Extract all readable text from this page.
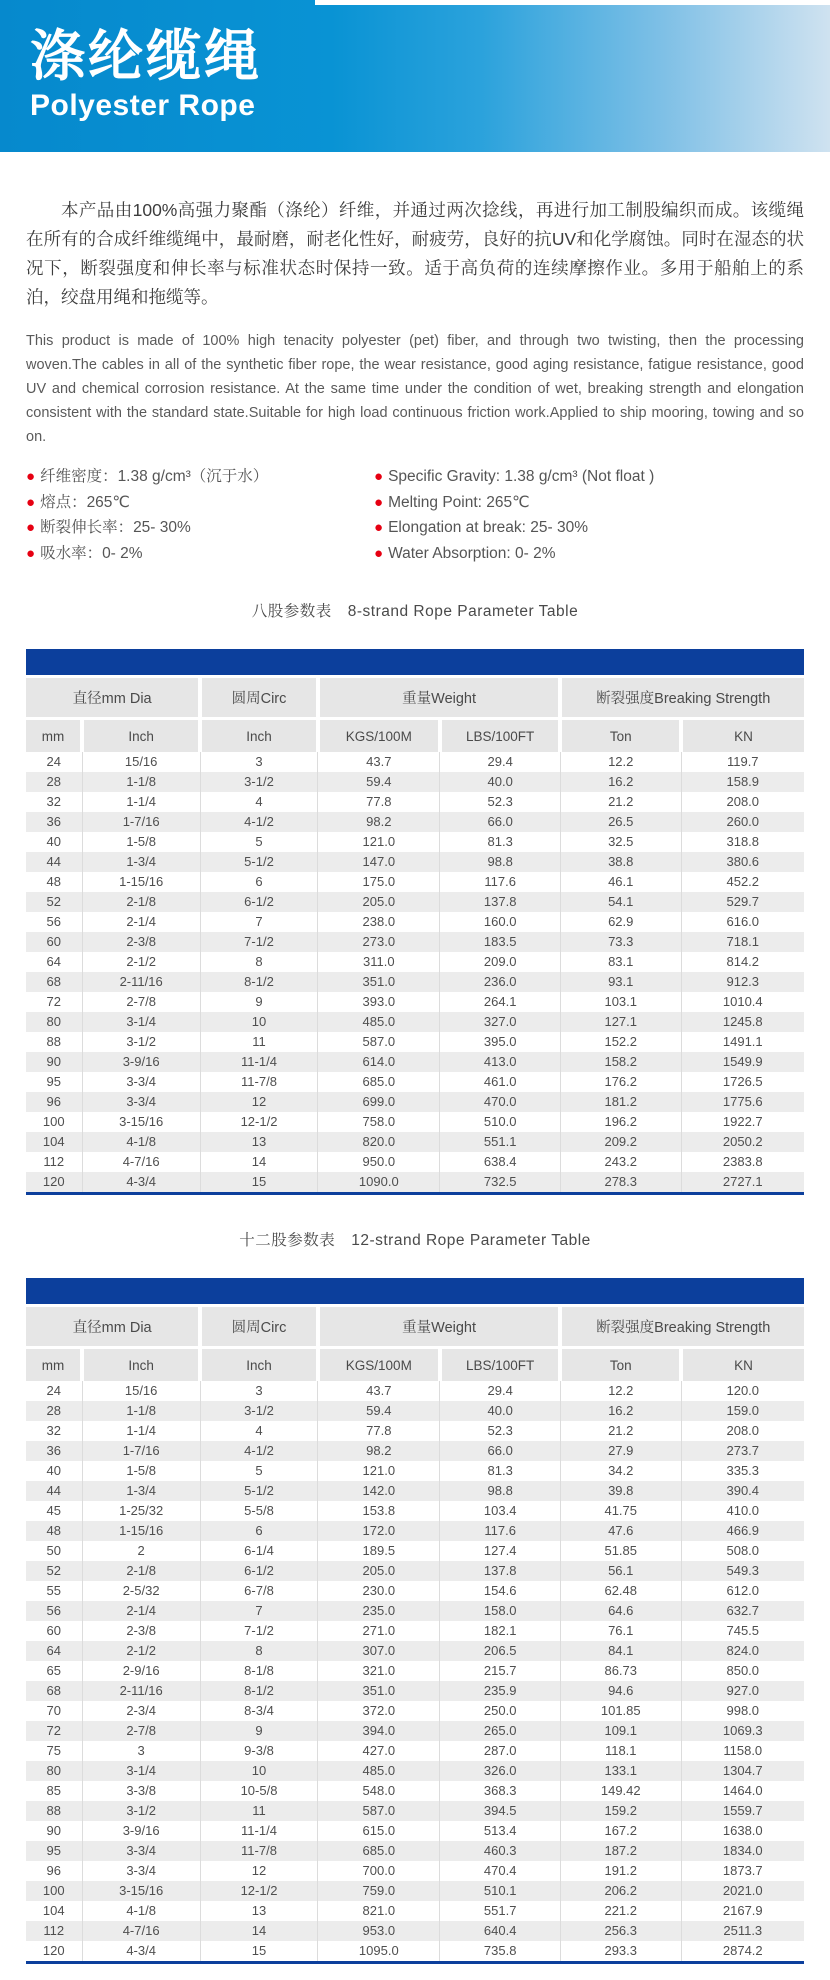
涤纶缆绳
Polyester Rope

本产品由100%高强力聚酯（涤纶）纤维，并通过两次捻线，再进行加工制股编织而成。该缆绳在所有的合成纤维缆绳中，最耐磨，耐老化性好，耐疲劳，良好的抗UV和化学腐蚀。同时在湿态的状况下，断裂强度和伸长率与标准状态时保持一致。适于高负荷的连续摩擦作业。多用于船舶上的系泊，绞盘用绳和拖缆等。

This product is made of 100% high tenacity polyester (pet) fiber, and through two twisting, then the processing woven.The cables in all of the synthetic fiber rope, the wear resistance, good aging resistance, fatigue resistance, good UV and chemical corrosion resistance. At the same time under the condition of wet, breaking strength and elongation consistent with the standard state.Suitable for high load continuous friction work.Applied to ship mooring, towing and so on.

● 纤维密度：1.38 g/cm³（沉于水）
● 熔点：265℃
● 断裂伸长率：25- 30%
● 吸水率：0- 2%
● Specific Gravity: 1.38 g/cm³ (Not float )
● Melting Point: 265℃
● Elongation at break: 25- 30%
● Water Absorption: 0- 2%
八股参数表　8-strand Rope Parameter Table
直径mm Dia		圆周Circ	重量Weight		断裂强度Breaking Strength	
mm	Inch	Inch	KGS/100M	LBS/100FT	Ton	KN
24	15/16	3	43.7	29.4	12.2	119.7
28	1-1/8	3-1/2	59.4	40.0	16.2	158.9
32	1-1/4	4	77.8	52.3	21.2	208.0
36	1-7/16	4-1/2	98.2	66.0	26.5	260.0
40	1-5/8	5	121.0	81.3	32.5	318.8
44	1-3/4	5-1/2	147.0	98.8	38.8	380.6
48	1-15/16	6	175.0	117.6	46.1	452.2
52	2-1/8	6-1/2	205.0	137.8	54.1	529.7
56	2-1/4	7	238.0	160.0	62.9	616.0
60	2-3/8	7-1/2	273.0	183.5	73.3	718.1
64	2-1/2	8	311.0	209.0	83.1	814.2
68	2-11/16	8-1/2	351.0	236.0	93.1	912.3
72	2-7/8	9	393.0	264.1	103.1	1010.4
80	3-1/4	10	485.0	327.0	127.1	1245.8
88	3-1/2	11	587.0	395.0	152.2	1491.1
90	3-9/16	11-1/4	614.0	413.0	158.2	1549.9
95	3-3/4	11-7/8	685.0	461.0	176.2	1726.5
96	3-3/4	12	699.0	470.0	181.2	1775.6
100	3-15/16	12-1/2	758.0	510.0	196.2	1922.7
104	4-1/8	13	820.0	551.1	209.2	2050.2
112	4-7/16	14	950.0	638.4	243.2	2383.8
120	4-3/4	15	1090.0	732.5	278.3	2727.1
十二股参数表　12-strand Rope Parameter Table
直径mm Dia		圆周Circ	重量Weight		断裂强度Breaking Strength	
mm	Inch	Inch	KGS/100M	LBS/100FT	Ton	KN
24	15/16	3	43.7	29.4	12.2	120.0
28	1-1/8	3-1/2	59.4	40.0	16.2	159.0
32	1-1/4	4	77.8	52.3	21.2	208.0
36	1-7/16	4-1/2	98.2	66.0	27.9	273.7
40	1-5/8	5	121.0	81.3	34.2	335.3
44	1-3/4	5-1/2	142.0	98.8	39.8	390.4
45	1-25/32	5-5/8	153.8	103.4	41.75	410.0
48	1-15/16	6	172.0	117.6	47.6	466.9
50	2	6-1/4	189.5	127.4	51.85	508.0
52	2-1/8	6-1/2	205.0	137.8	56.1	549.3
55	2-5/32	6-7/8	230.0	154.6	62.48	612.0
56	2-1/4	7	235.0	158.0	64.6	632.7
60	2-3/8	7-1/2	271.0	182.1	76.1	745.5
64	2-1/2	8	307.0	206.5	84.1	824.0
65	2-9/16	8-1/8	321.0	215.7	86.73	850.0
68	2-11/16	8-1/2	351.0	235.9	94.6	927.0
70	2-3/4	8-3/4	372.0	250.0	101.85	998.0
72	2-7/8	9	394.0	265.0	109.1	1069.3
75	3	9-3/8	427.0	287.0	118.1	1158.0
80	3-1/4	10	485.0	326.0	133.1	1304.7
85	3-3/8	10-5/8	548.0	368.3	149.42	1464.0
88	3-1/2	11	587.0	394.5	159.2	1559.7
90	3-9/16	11-1/4	615.0	513.4	167.2	1638.0
95	3-3/4	11-7/8	685.0	460.3	187.2	1834.0
96	3-3/4	12	700.0	470.4	191.2	1873.7
100	3-15/16	12-1/2	759.0	510.1	206.2	2021.0
104	4-1/8	13	821.0	551.7	221.2	2167.9
112	4-7/16	14	953.0	640.4	256.3	2511.3
120	4-3/4	15	1095.0	735.8	293.3	2874.2
